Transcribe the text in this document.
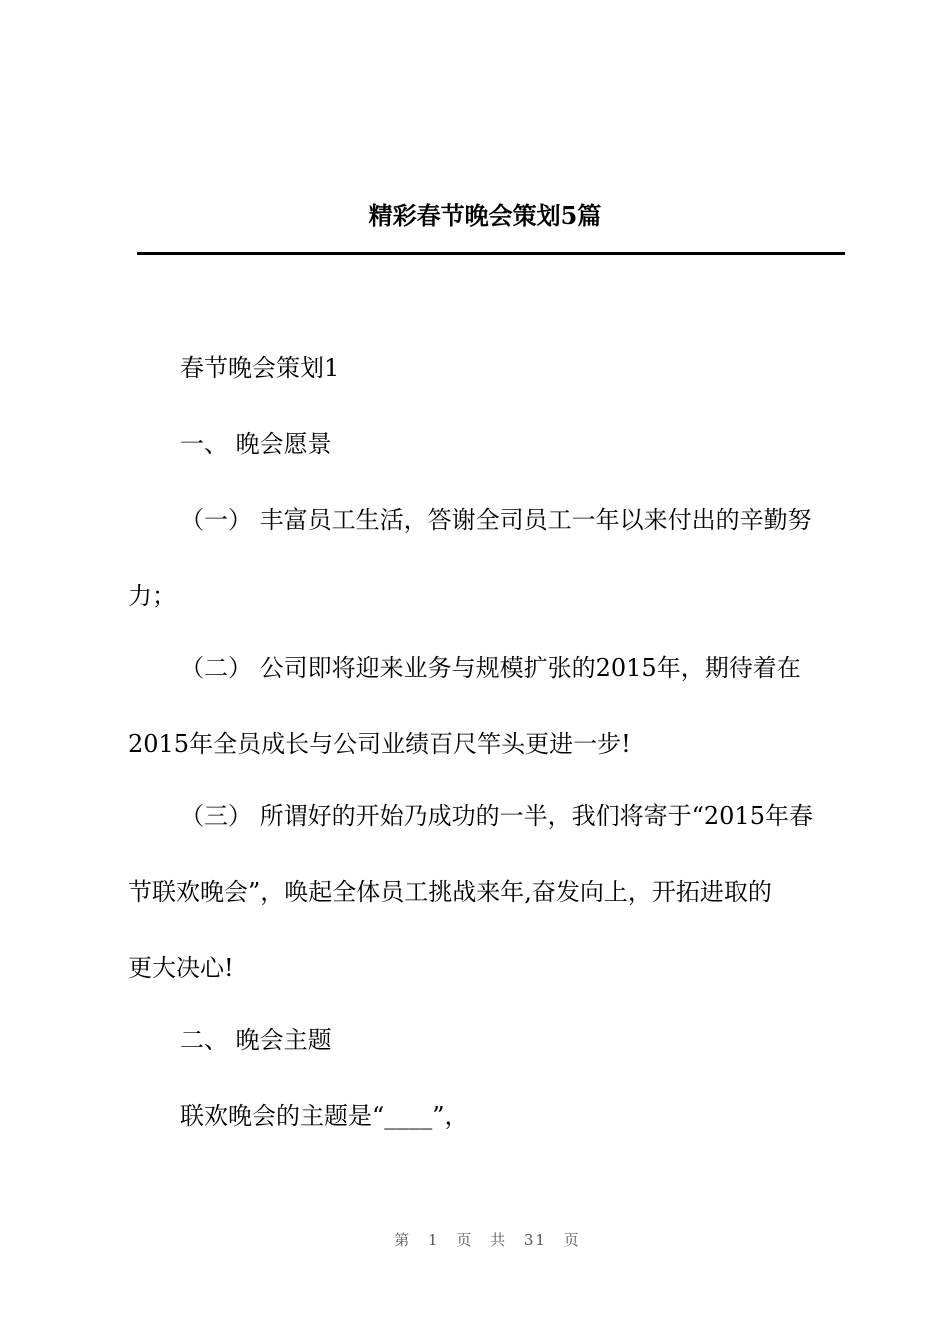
精彩春节晚会策划5篇
春节晚会策划1
一、 晚会愿景
（一） 丰富员工生活，答谢全司员工一年以来付出的辛勤努
力；
（二） 公司即将迎来业务与规模扩张的2015年，期待着在
2015年全员成长与公司业绩百尺竿头更进一步!
（三） 所谓好的开始乃成功的一半，我们将寄于“2015年春
节联欢晚会”，唤起全体员工挑战来年,奋发向上，开拓进取的
更大决心!
二、 晚会主题
联欢晚会的主题是“____”，
第 1 页 共 31 页
